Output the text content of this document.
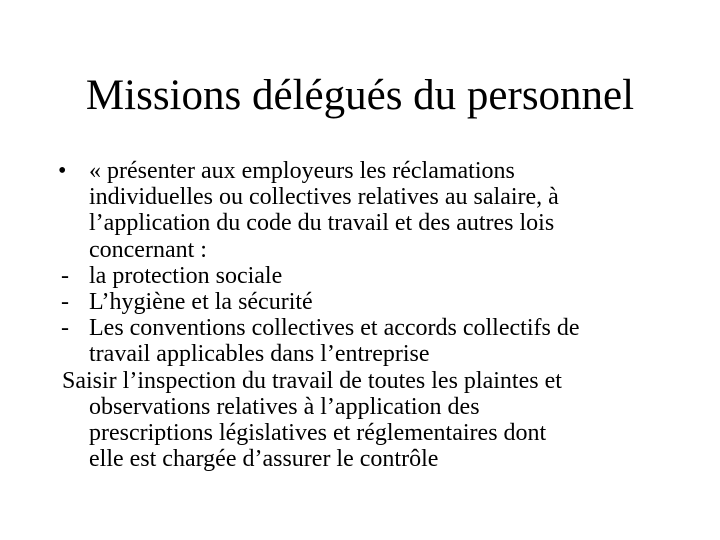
Missions délégués du personnel
• « présenter aux employeurs les réclamations
individuelles ou collectives relatives au salaire, à
l’application du code du travail et des autres lois
concernant :
- la protection sociale
- L’hygiène et la sécurité
- Les conventions collectives et accords collectifs de
travail applicables dans l’entreprise
Saisir l’inspection du travail de toutes les plaintes et
observations relatives à l’application des
prescriptions législatives et réglementaires dont
elle est chargée d’assurer le contrôle
